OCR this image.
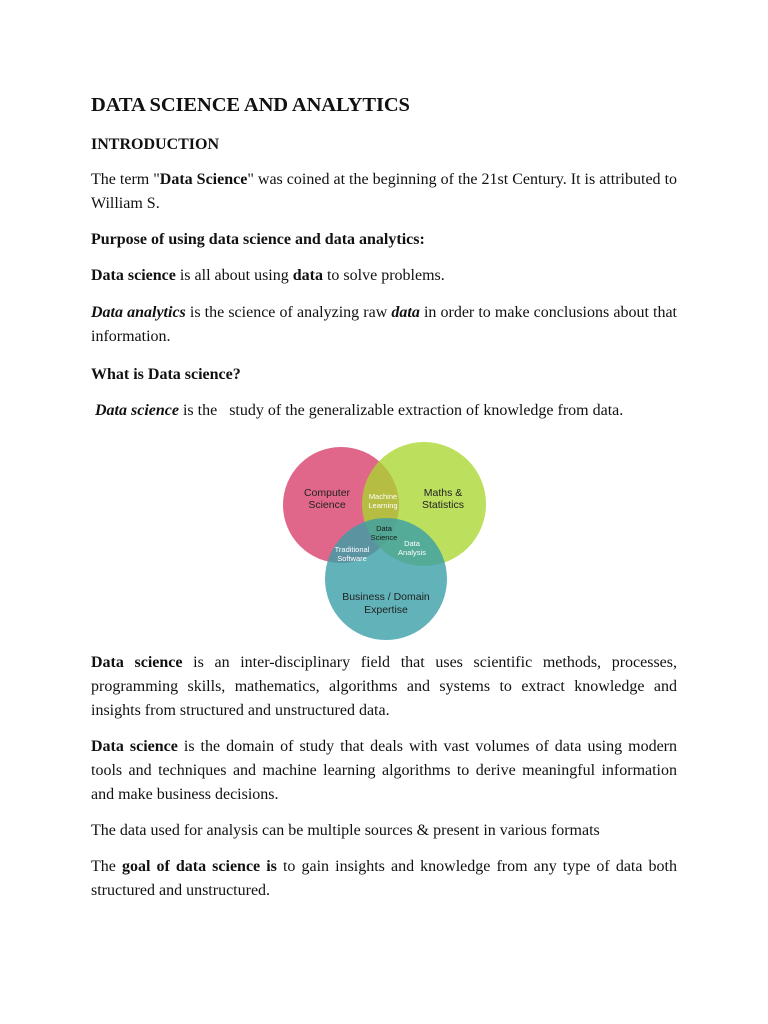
DATA SCIENCE AND ANALYTICS
INTRODUCTION

The term "Data Science" was coined at the beginning of the 21st Century. It is attributed to William S.

Purpose of using data science and data analytics:

Data science is all about using data to solve problems.

Data analytics is the science of analyzing raw data in order to make conclusions about that information.

What is Data science?

Data science is the   study of the generalizable extraction of knowledge from data.

Computer
Science
Maths &
Statistics
Business / Domain
Expertise
Machine
Learning
Data
Analysis
Traditional
Software
Data
Science

Data science is an inter-disciplinary field that uses scientific methods, processes, programming skills, mathematics, algorithms and systems to extract knowledge and insights from structured and unstructured data.

Data science is the domain of study that deals with vast volumes of data using modern tools and techniques and machine learning algorithms to derive meaningful information and make business decisions.

The data used for analysis can be multiple sources & present in various formats

The goal of data science is to gain insights and knowledge from any type of data both structured and unstructured.
